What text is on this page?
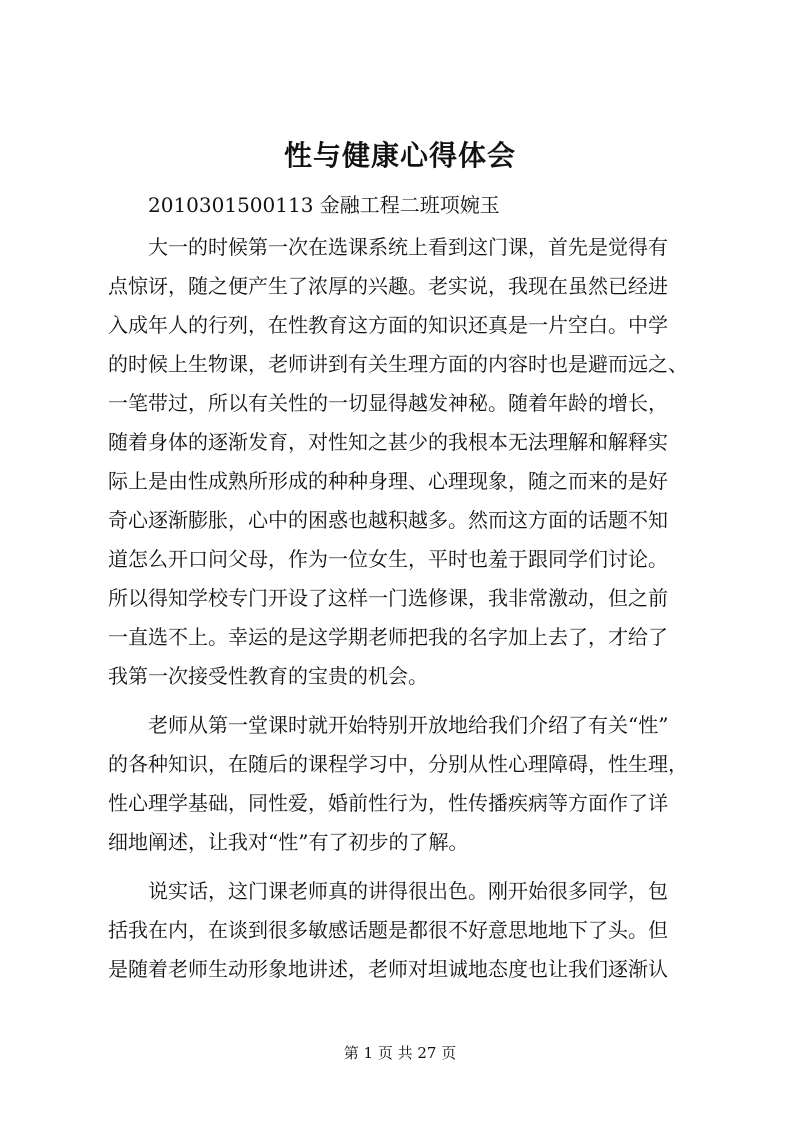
性与健康心得体会
2010301500113 金融工程二班项婉玉
大一的时候第一次在选课系统上看到这门课，首先是觉得有
点惊讶，随之便产生了浓厚的兴趣。老实说，我现在虽然已经进
入成年人的行列，在性教育这方面的知识还真是一片空白。中学
的时候上生物课，老师讲到有关生理方面的内容时也是避而远之、
一笔带过，所以有关性的一切显得越发神秘。随着年龄的增长，
随着身体的逐渐发育，对性知之甚少的我根本无法理解和解释实
际上是由性成熟所形成的种种身理、心理现象，随之而来的是好
奇心逐渐膨胀，心中的困惑也越积越多。然而这方面的话题不知
道怎么开口问父母，作为一位女生，平时也羞于跟同学们讨论。
所以得知学校专门开设了这样一门选修课，我非常激动，但之前
一直选不上。幸运的是这学期老师把我的名字加上去了，才给了
我第一次接受性教育的宝贵的机会。
老师从第一堂课时就开始特别开放地给我们介绍了有关“性”
的各种知识，在随后的课程学习中，分别从性心理障碍，性生理，
性心理学基础，同性爱，婚前性行为，性传播疾病等方面作了详
细地阐述，让我对“性”有了初步的了解。
说实话，这门课老师真的讲得很出色。刚开始很多同学，包
括我在内，在谈到很多敏感话题是都很不好意思地地下了头。但
是随着老师生动形象地讲述，老师对坦诚地态度也让我们逐渐认
第 1 页 共 27 页
